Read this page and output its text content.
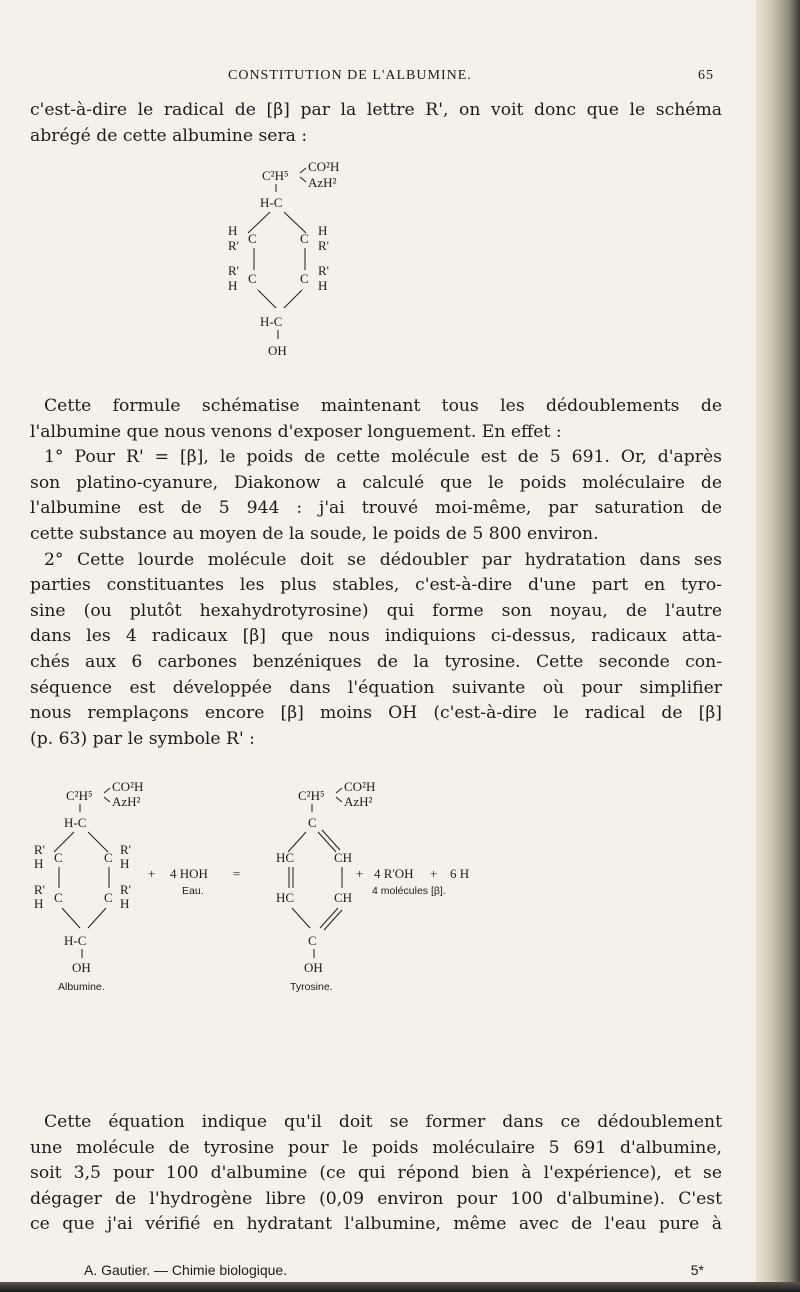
CONSTITUTION DE L'ALBUMINE.	65

c'est-à-dire le radical de [β] par la lettre R', on voit donc que le schéma
abrégé de cette albumine sera :

C²H⁵
CO²H
AzH²
H-C
H
R' C	C
H
R'
R'
H C	C
R'
H
H-C
OH

Cette formule schématise maintenant tous les dédoublements de
l'albumine que nous venons d'exposer longuement. En effet :
1° Pour R' = [β], le poids de cette molécule est de 5 691. Or, d'après
son platino-cyanure, Diakonow a calculé que le poids moléculaire de
l'albumine est de 5 944 : j'ai trouvé moi-même, par saturation de
cette substance au moyen de la soude, le poids de 5 800 environ.
2° Cette lourde molécule doit se dédoubler par hydratation dans ses
parties constituantes les plus stables, c'est-à-dire d'une part en tyro-
sine (ou plutôt hexahydrotyrosine) qui forme son noyau, de l'autre
dans les 4 radicaux [β] que nous indiquions ci-dessus, radicaux atta-
chés aux 6 carbones benzéniques de la tyrosine. Cette seconde con-
séquence est développée dans l'équation suivante où pour simplifier
nous remplaçons encore [β] moins OH (c'est-à-dire le radical de [β]
(p. 63) par le symbole R' :

C²H⁵
CO²H
AzH²
H-C
R'
H C	C
R'
H
R'
H C	C
R'
H
H-C
OH
Albumine.
+ 4 HOH
Eau.
=
C²H⁵
CO²H
AzH²
C
HC	CH
HC	CH
C
OH
Tyrosine.
+ 4 R'OH
4 molécules [β].
+ 6 H

Cette équation indique qu'il doit se former dans ce dédoublement
une molécule de tyrosine pour le poids moléculaire 5 691 d'albumine,
soit 3,5 pour 100 d'albumine (ce qui répond bien à l'expérience), et se
dégager de l'hydrogène libre (0,09 environ pour 100 d'albumine). C'est
ce que j'ai vérifié en hydratant l'albumine, même avec de l'eau pure à

A. Gautier. — Chimie biologique.	5*
